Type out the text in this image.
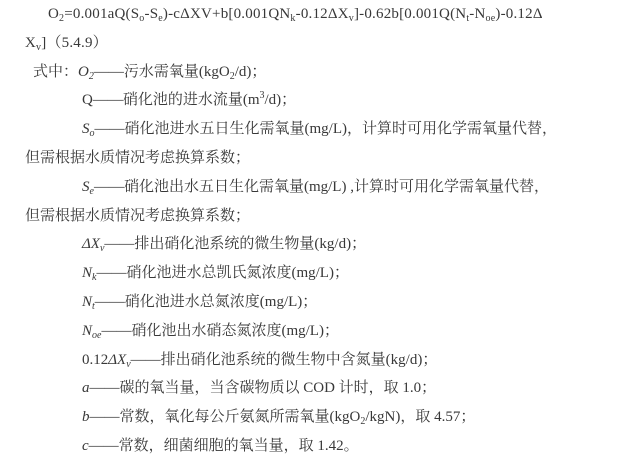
$O_2=0.001aQ(S_o-S_e)-c\Delta XV+b[0.001QN_k-0.12\Delta X_v]-0.62b[0.001Q(N_t-N_{oe})-0.12\Delta$
$X_v](5.4.9)$
式中：$O_2——$污水需氧量(kgO$_2$/d)；
Q——硝化池的进水流量$(m^3/d)$；
$S_o——$硝化池进水五日生化需氧量(mg/L)，计算时可用化学需氧量代替，
但需根据水质情况考虑换算系数；
$S_e——$硝化池出水五日生化需氧量(mg/L) ,计算时可用化学需氧量代替，
但需根据水质情况考虑换算系数；
$\Delta X_v——$排出硝化池系统的微生物量(kg/d)；
$N_k——$硝化池进水总凯氏氮浓度(mg/L)；
$N_t——$硝化池进水总氮浓度(mg/L)；
$N_{oe}——$硝化池出水硝态氮浓度(mg/L)；
$0.12\Delta X_v——$排出硝化池系统的微生物中含氮量(kg/d)；
a——碳的氧当量，当含碳物质以 COD 计时，取 1.0；
b——常数，氧化每公斤氨氮所需氧量(kgO$_2$/kgN)，取 4.57；
c——常数，细菌细胞的氧当量，取 1.42。
